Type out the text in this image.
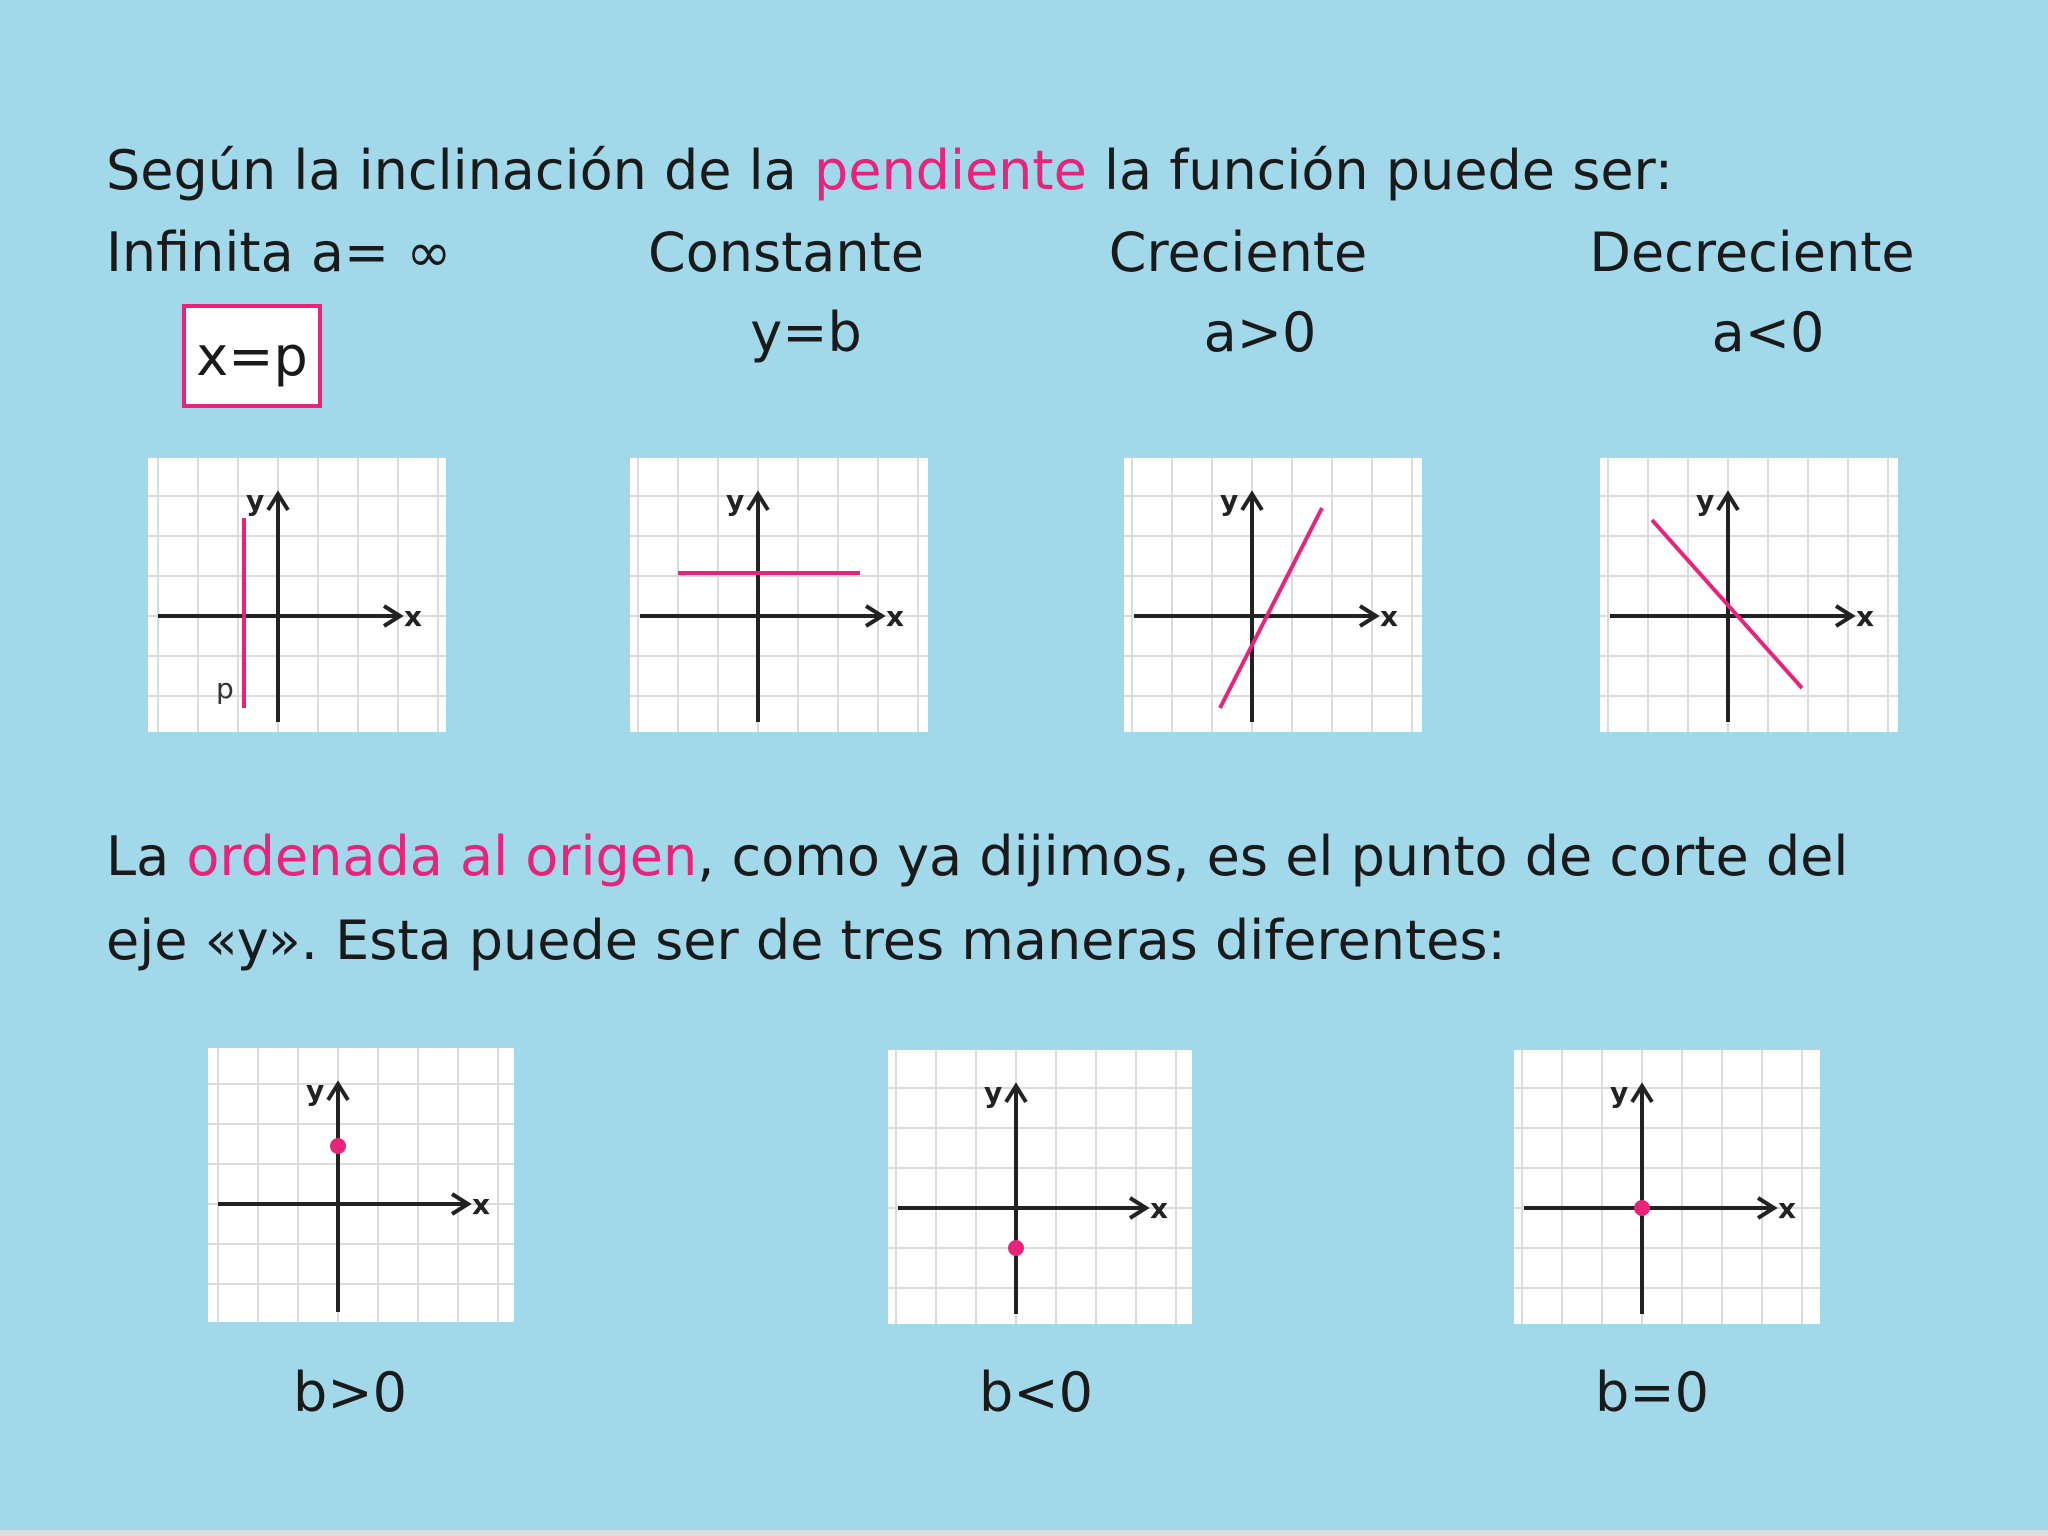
Según la inclinación de la pendiente la función puede ser:
Infinita a= ∞	Constante	Creciente	Decreciente
x=p	y=b	a>0	a<0
x
y
p
x
y
x
y
x
y
La ordenada al origen, como ya dijimos, es el punto de corte del
eje «y». Esta puede ser de tres maneras diferentes:
x
y
x
y
x
y
b>0	b<0	b=0
